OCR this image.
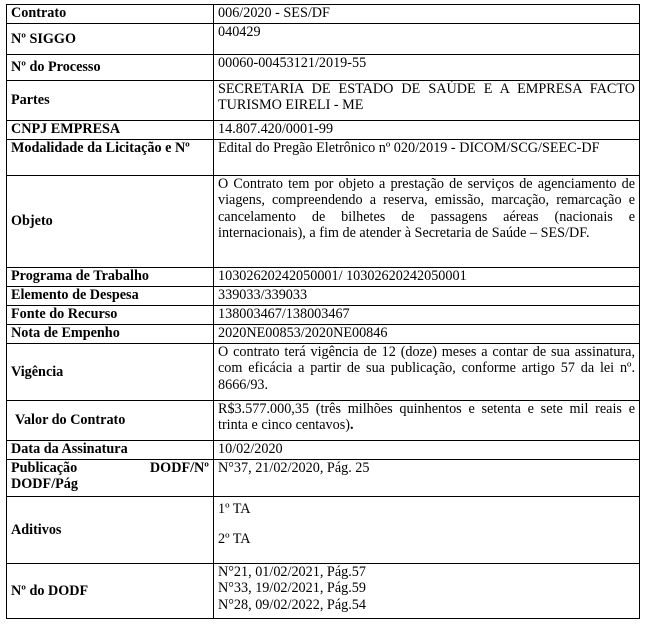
Contrato	006/2020 - SES/DF
Nº SIGGO	040429
Nº do Processo	00060-00453121/2019-55
Partes	SECRETARIA DE ESTADO DE SAÚDE E A EMPRESA FACTO TURISMO EIRELI - ME
CNPJ EMPRESA	14.807.420/0001-99
Modalidade da Licitação e Nº	Edital do Pregão Eletrônico nº 020/2019 - DICOM/SCG/SEEC-DF
Objeto	O Contrato tem por objeto a prestação de serviços de agenciamento de viagens, compreendendo a reserva, emissão, marcação, remarcação e cancelamento de bilhetes de passagens aéreas (nacionais e internacionais), a fim de atender à Secretaria de Saúde – SES/DF.
Programa de Trabalho	10302620242050001/ 10302620242050001
Elemento de Despesa	339033/339033
Fonte do Recurso	138003467/138003467
Nota de Empenho	2020NE00853/2020NE00846
Vigência	O contrato terá vigência de 12 (doze) meses a contar de sua assinatura, com eficácia a partir de sua publicação, conforme artigo 57 da lei nº. 8666/93.
Valor do Contrato	R$3.577.000,35 (três milhões quinhentos e setenta e sete mil reais e trinta e cinco centavos).
Data da Assinatura	10/02/2020
Publicação DODF/Nº DODF/Pág	N°37, 21/02/2020, Pág. 25
Aditivos	1º TA
2º TA

Nº do DODF	N°21, 01/02/2021, Pág.57
N°33, 19/02/2021, Pág.59
N°28, 09/02/2022, Pág.54
